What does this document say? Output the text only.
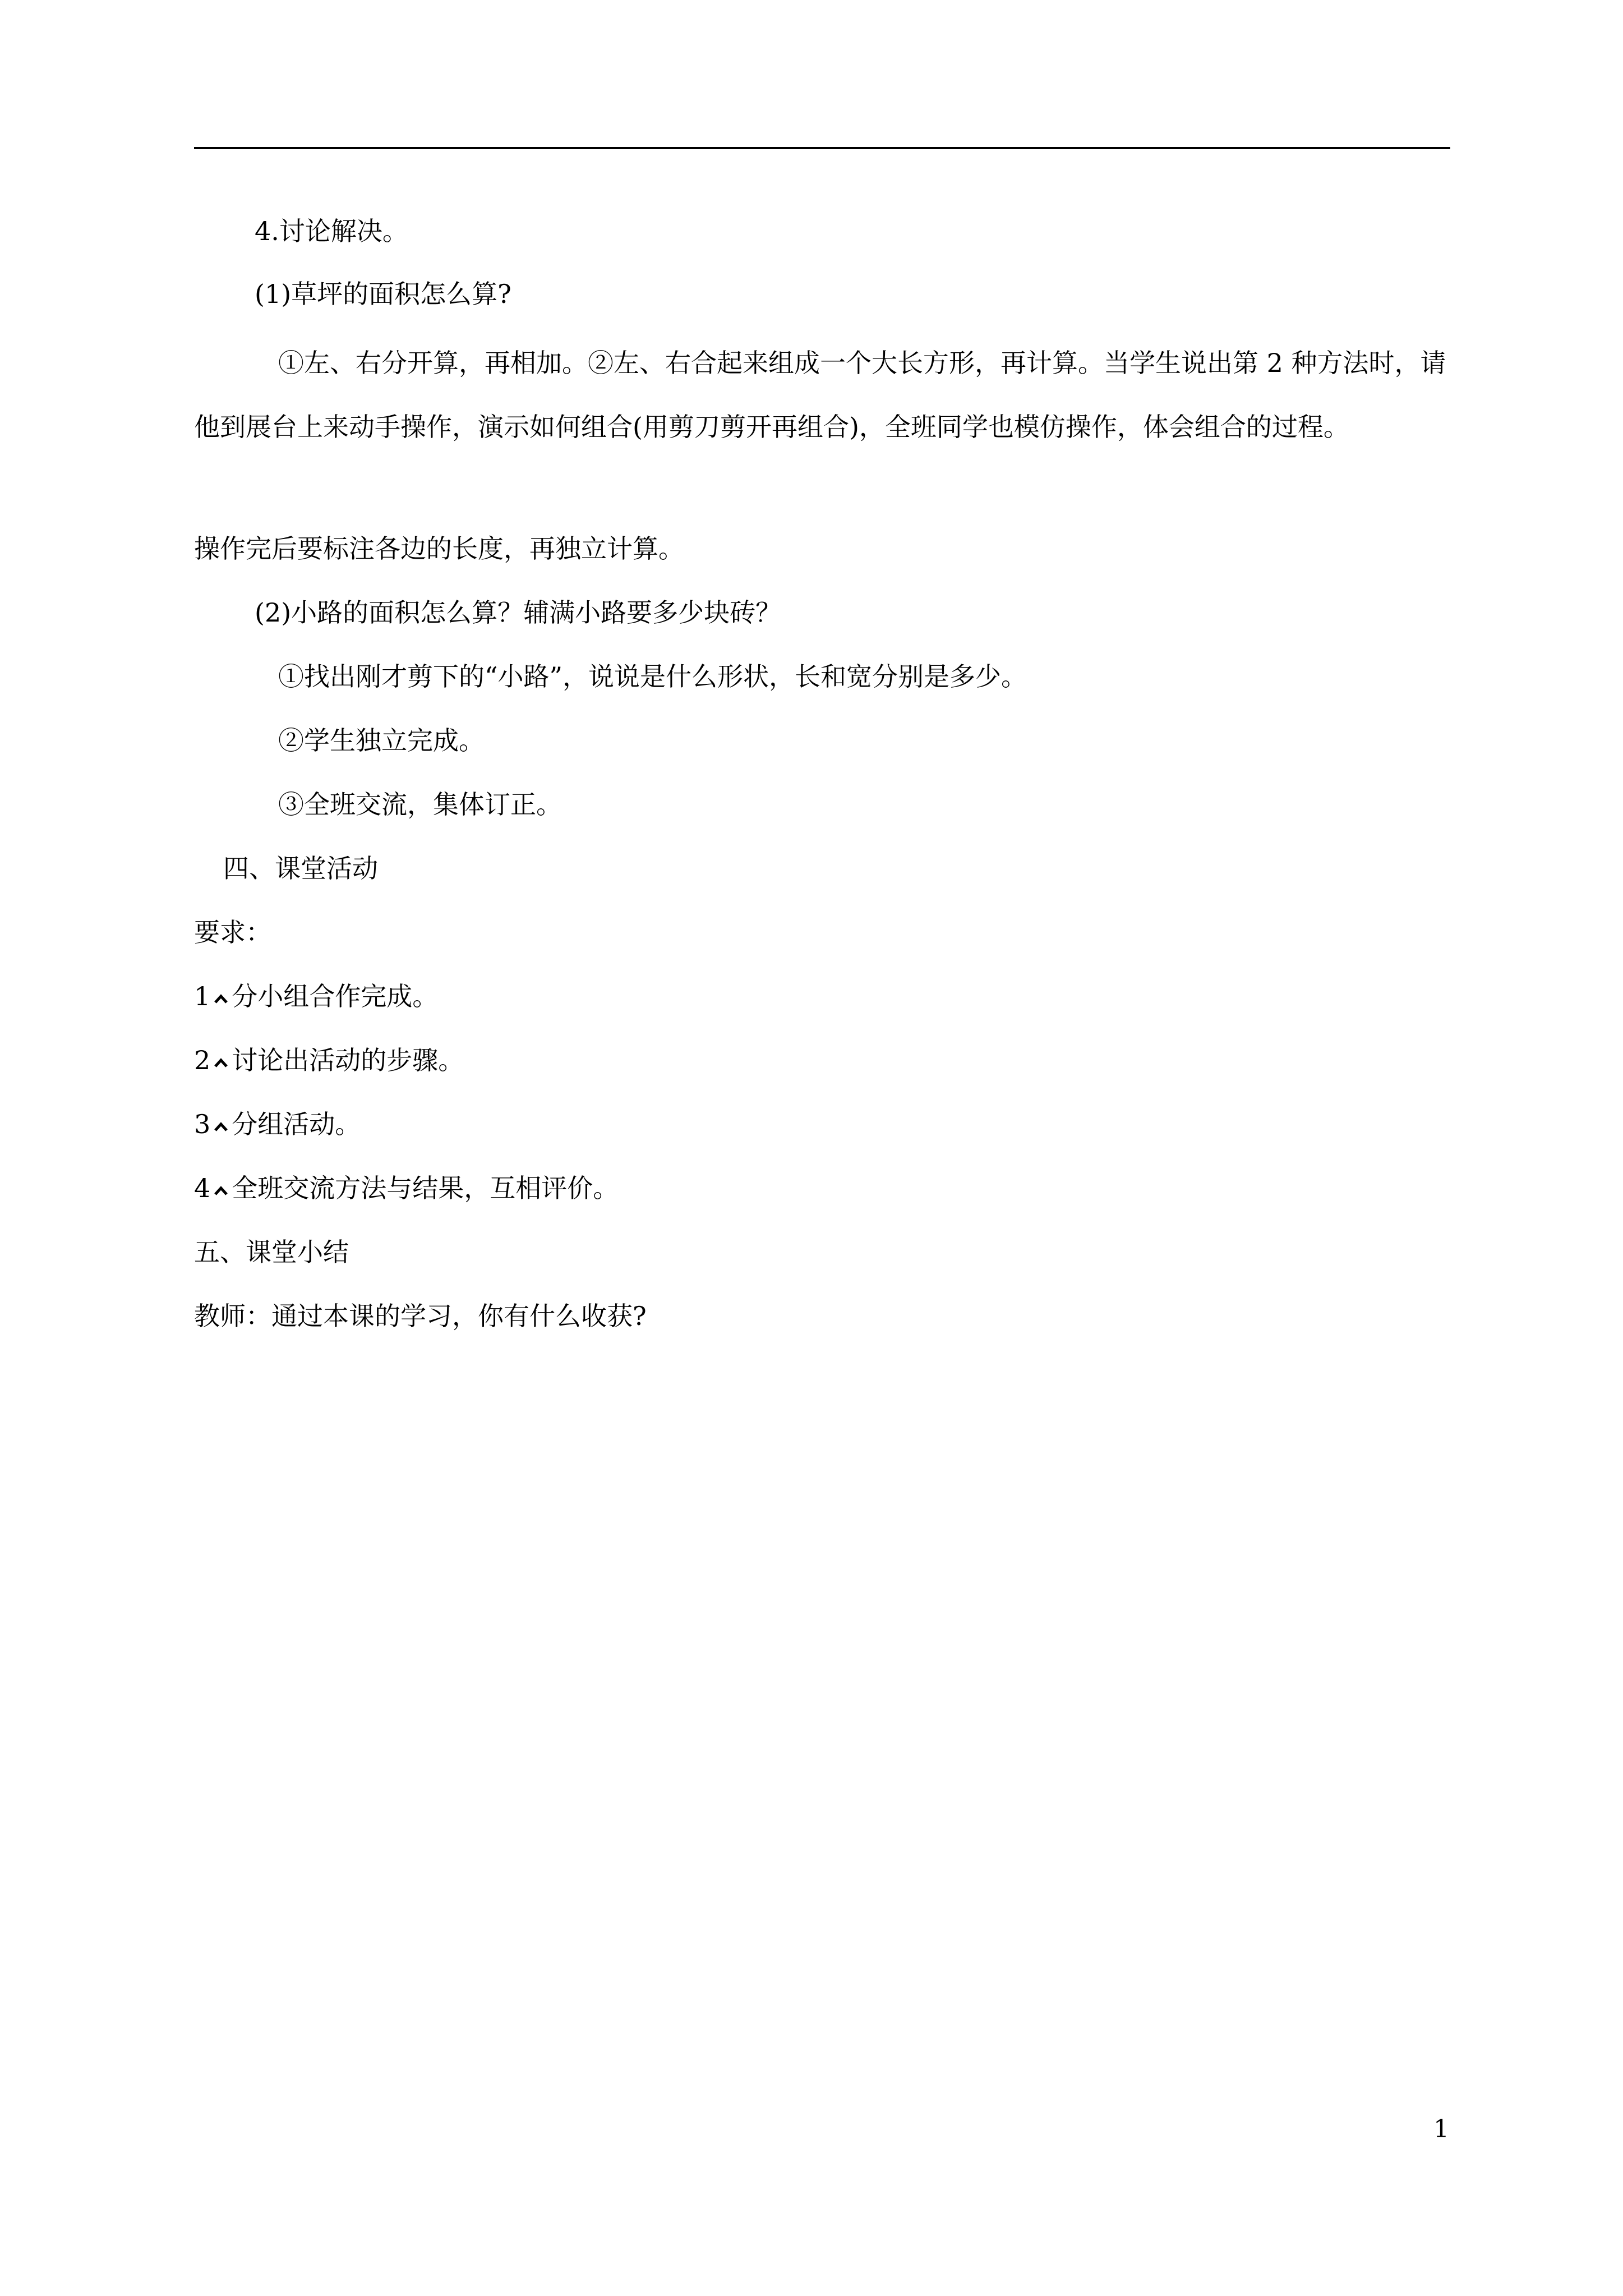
4.讨论解决。
(1)草坪的面积怎么算?
①左、右分开算，再相加。②左、右合起来组成一个大长方形，再计算。当学生说出第 2 种方法时，请他到展台上来动手操作，演示如何组合(用剪刀剪开再组合)，全班同学也模仿操作，体会组合的过程。
操作完后要标注各边的长度，再独立计算。
(2)小路的面积怎么算？辅满小路要多少块砖？
①找出刚才剪下的“小路”，说说是什么形状，长和宽分别是多少。
②学生独立完成。
③全班交流，集体订正。
四、课堂活动
要求：
1 分小组合作完成。
2 讨论出活动的步骤。
3 分组活动。
4 全班交流方法与结果，互相评价。
五、课堂小结
教师：通过本课的学习，你有什么收获?
1
